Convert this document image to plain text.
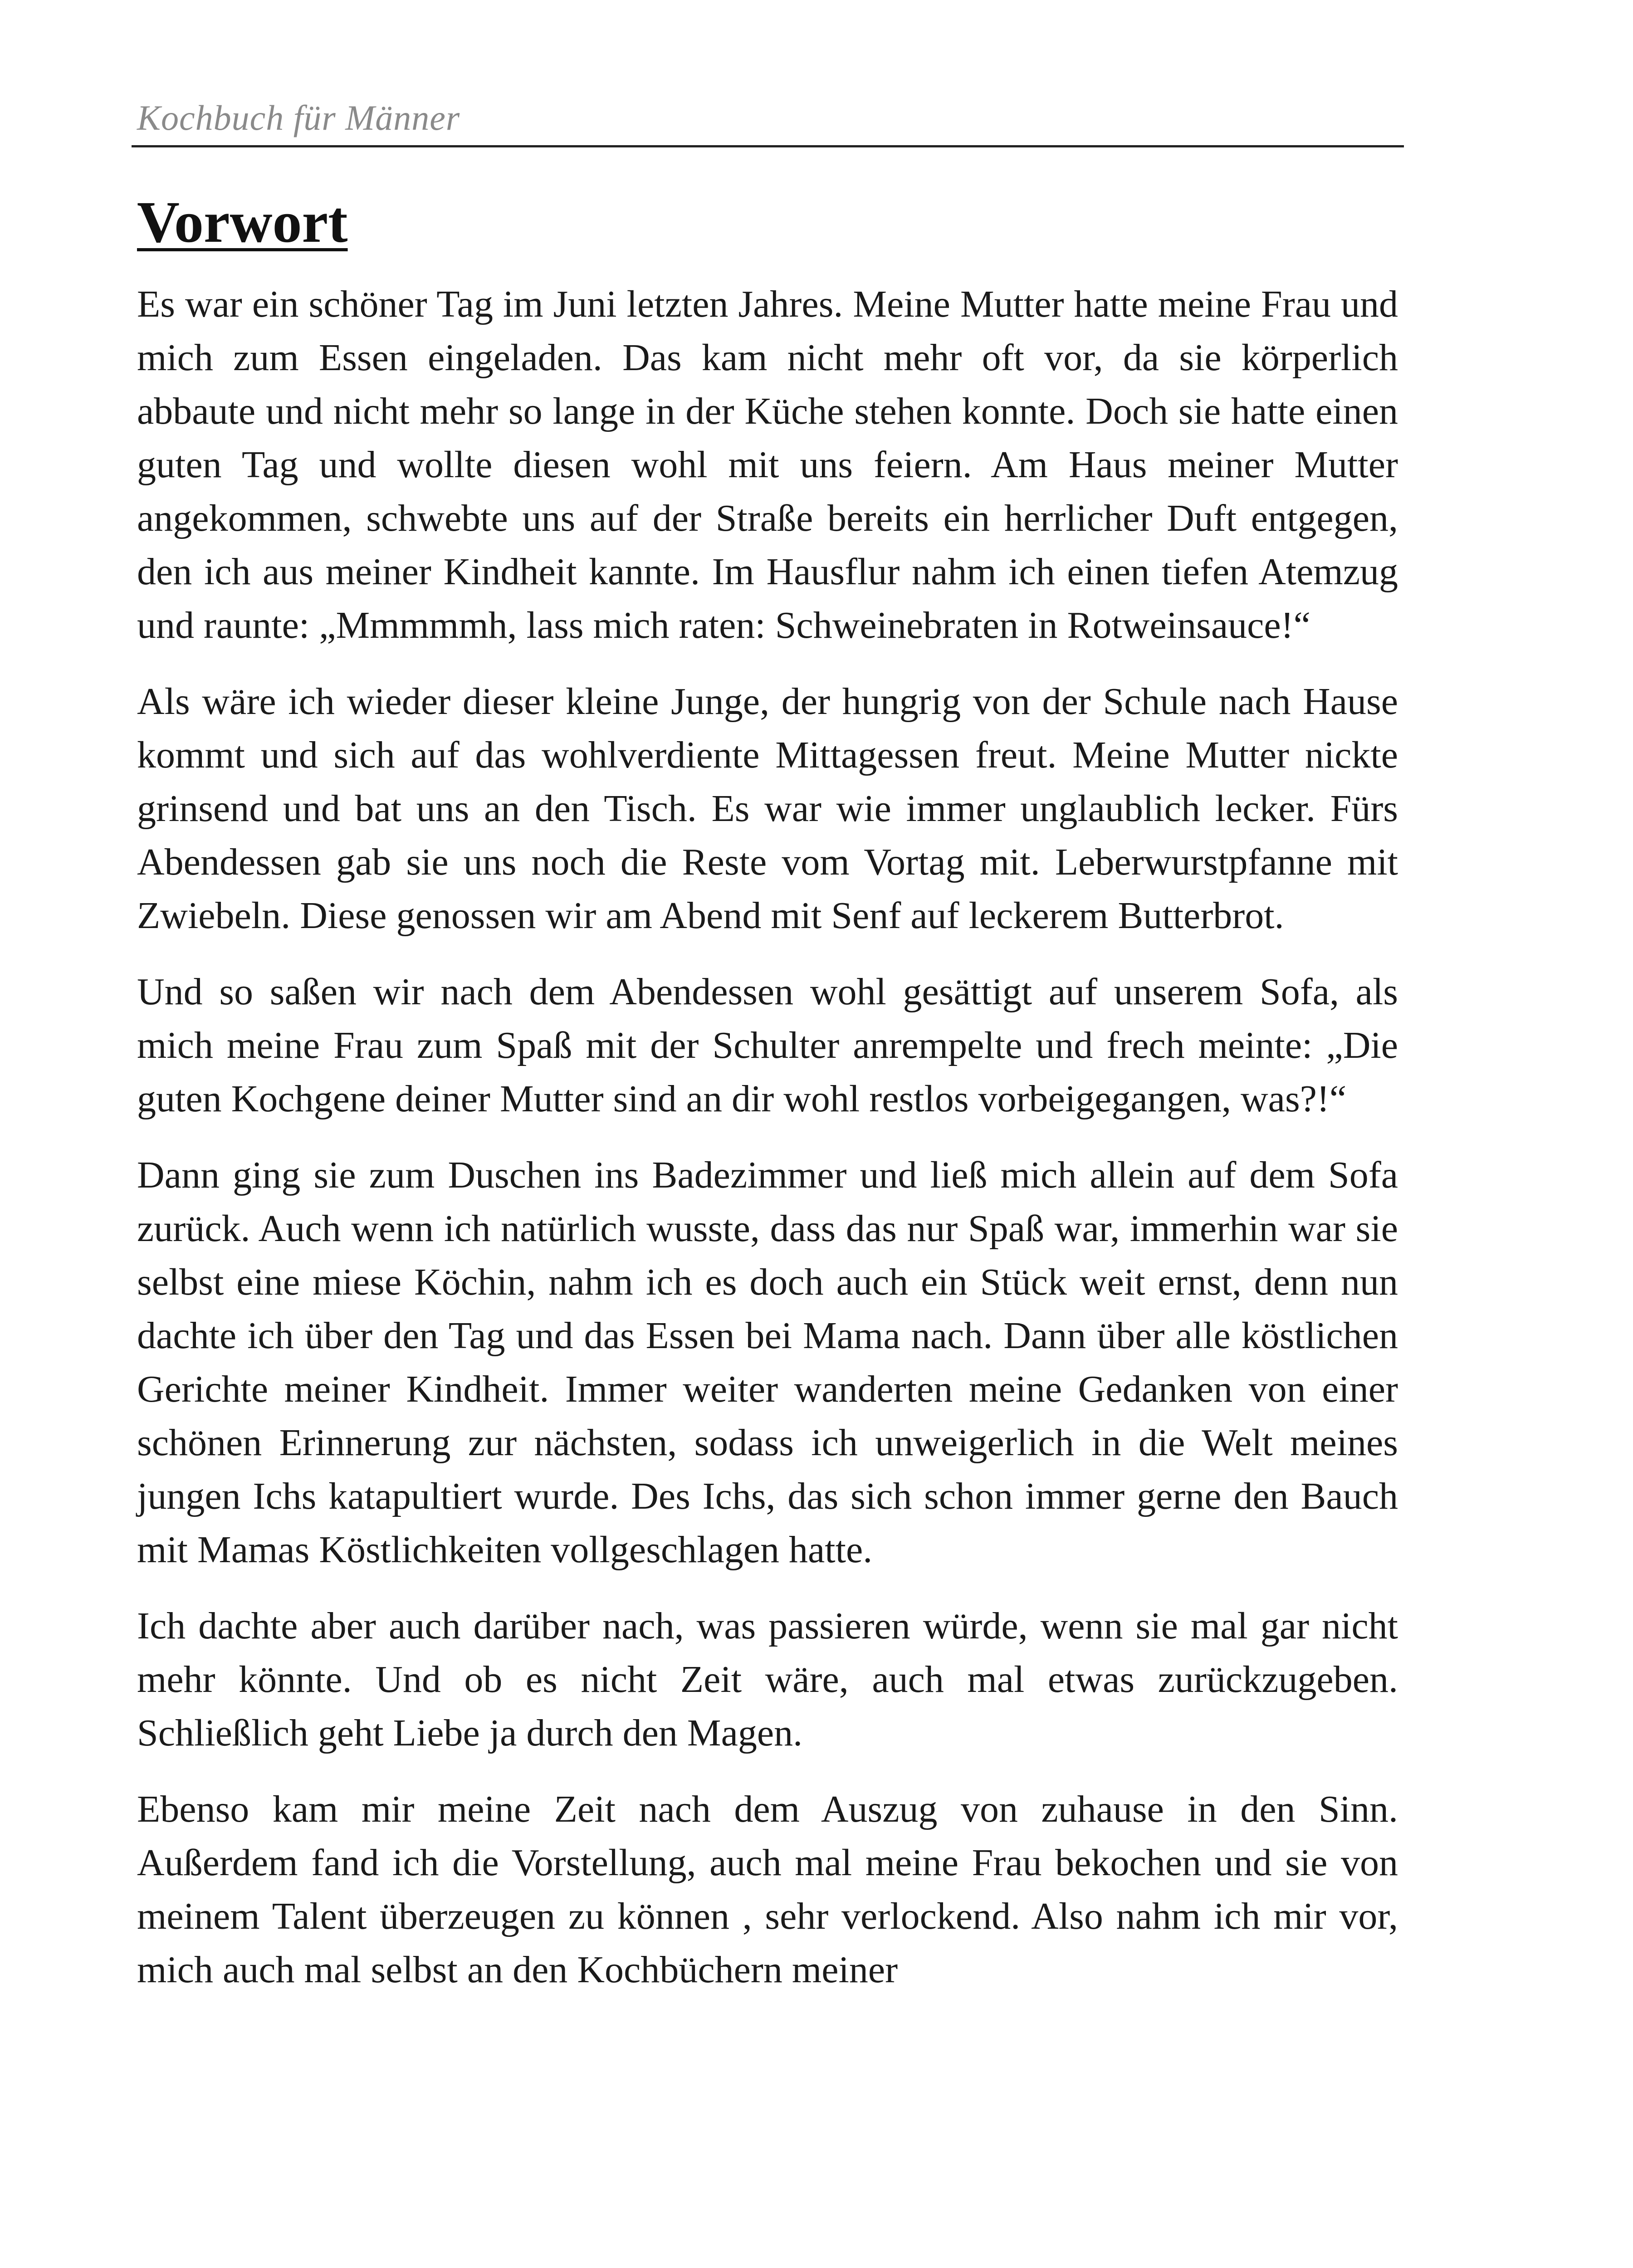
Kochbuch für Männer
Vorwort

Es war ein schöner Tag im Juni letzten Jahres. Meine Mutter hatte meine Frau und mich zum Essen eingeladen. Das kam nicht mehr oft vor, da sie körperlich abbaute und nicht mehr so lange in der Küche stehen konnte. Doch sie hatte einen guten Tag und wollte diesen wohl mit uns feiern. Am Haus meiner Mutter angekommen, schwebte uns auf der Straße bereits ein herrlicher Duft entgegen, den ich aus meiner Kindheit kannte. Im Hausflur nahm ich einen tiefen Atemzug und raunte: „Mmmmmh, lass mich raten: Schweinebraten in Rotweinsauce!“

Als wäre ich wieder dieser kleine Junge, der hungrig von der Schule nach Hause kommt und sich auf das wohlverdiente Mittagessen freut. Meine Mutter nickte grinsend und bat uns an den Tisch. Es war wie immer unglaublich lecker. Fürs Abendessen gab sie uns noch die Reste vom Vortag mit. Leberwurstpfanne mit Zwiebeln. Diese genossen wir am Abend mit Senf auf leckerem Butterbrot.

Und so saßen wir nach dem Abendessen wohl gesättigt auf unserem Sofa, als mich meine Frau zum Spaß mit der Schulter anrempelte und frech meinte: „Die guten Kochgene deiner Mutter sind an dir wohl restlos vorbeigegangen, was?!“

Dann ging sie zum Duschen ins Badezimmer und ließ mich allein auf dem Sofa zurück. Auch wenn ich natürlich wusste, dass das nur Spaß war, immerhin war sie selbst eine miese Köchin, nahm ich es doch auch ein Stück weit ernst, denn nun dachte ich über den Tag und das Essen bei Mama nach. Dann über alle köstlichen Gerichte meiner Kindheit. Immer weiter wanderten meine Gedanken von einer schönen Erinnerung zur nächsten, sodass ich unweigerlich in die Welt meines jungen Ichs katapultiert wurde. Des Ichs, das sich schon immer gerne den Bauch mit Mamas Köstlichkeiten vollgeschlagen hatte.

Ich dachte aber auch darüber nach, was passieren würde, wenn sie mal gar nicht mehr könnte. Und ob es nicht Zeit wäre, auch mal etwas zurückzugeben. Schließlich geht Liebe ja durch den Magen.

Ebenso kam mir meine Zeit nach dem Auszug von zuhause in den Sinn. Außerdem fand ich die Vorstellung, auch mal meine Frau bekochen und sie von meinem Talent überzeugen zu können , sehr verlockend. Also nahm ich mir vor, mich auch mal selbst an den Kochbüchern meiner
